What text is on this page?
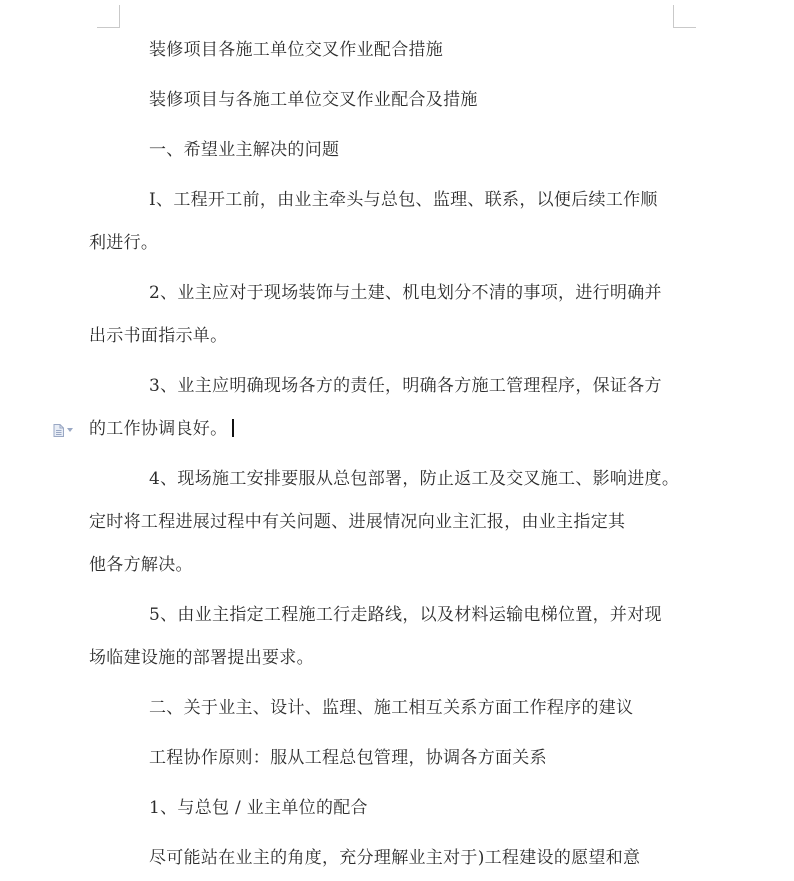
装修项目各施工单位交叉作业配合措施

装修项目与各施工单位交叉作业配合及措施

一、希望业主解决的问题

I、工程开工前，由业主牵头与总包、监理、联系，以便后续工作顺
利进行。

2、业主应对于现场装饰与土建、机电划分不清的事项，进行明确并
出示书面指示单。

3、业主应明确现场各方的责任，明确各方施工管理程序，保证各方
的工作协调良好。

4、现场施工安排要服从总包部署，防止返工及交叉施工、影响进度。
定时将工程进展过程中有关问题、进展情况向业主汇报，由业主指定其
他各方解决。

5、由业主指定工程施工行走路线，以及材料运输电梯位置，并对现
场临建设施的部署提出要求。

二、关于业主、设计、监理、施工相互关系方面工作程序的建议

工程协作原则：服从工程总包管理，协调各方面关系

1、与总包 / 业主单位的配合

尽可能站在业主的角度，充分理解业主对于)工程建设的愿望和意
